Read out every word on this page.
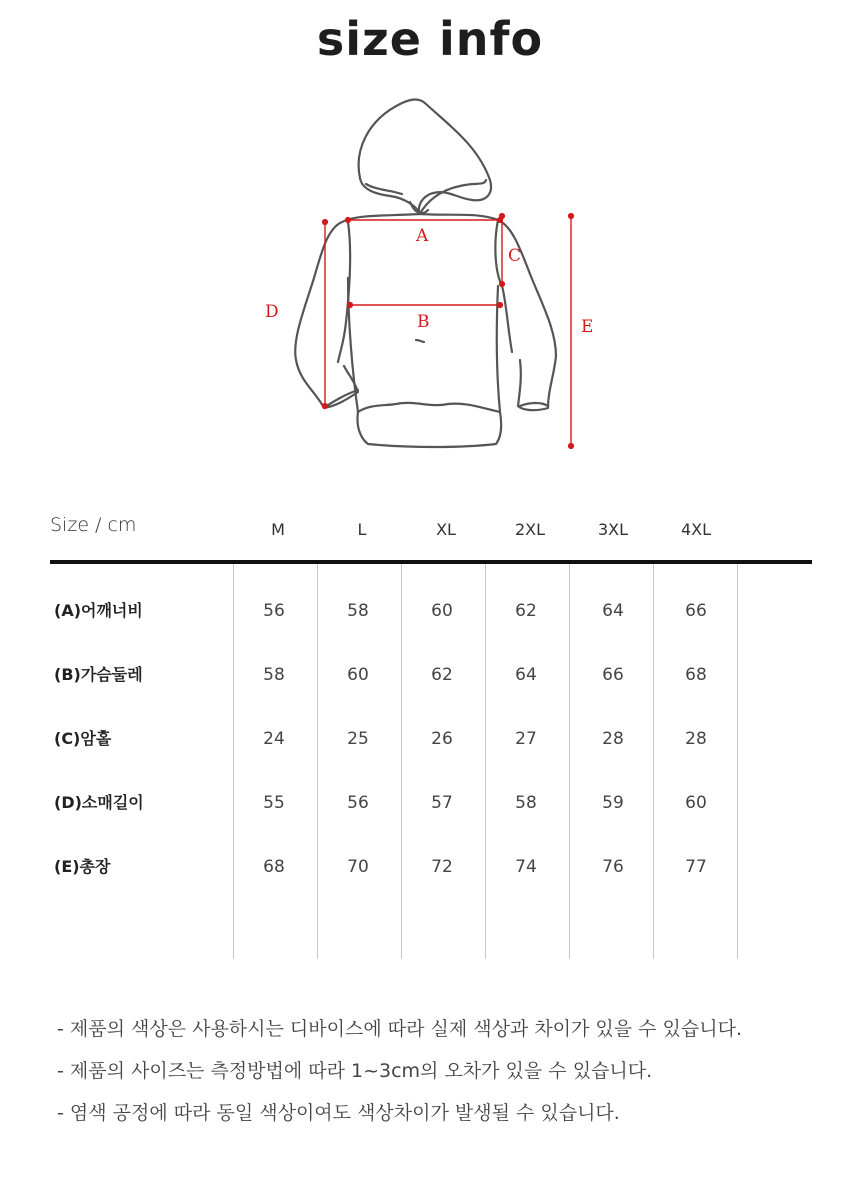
size info
A
B
C
D
E
Size / cm	M	L	XL	2XL	3XL	4XL
(A)어깨너비	56	58	60	62	64	66
(B)가슴둘레	58	60	62	64	66	68
(C)암홀	24	25	26	27	28	28
(D)소매길이	55	56	57	58	59	60
(E)총장	68	70	72	74	76	77
- 제품의 색상은 사용하시는 디바이스에 따라 실제 색상과 차이가 있을 수 있습니다.
- 제품의 사이즈는 측정방법에 따라 1~3cm의 오차가 있을 수 있습니다.
- 염색 공정에 따라 동일 색상이여도 색상차이가 발생될 수 있습니다.
